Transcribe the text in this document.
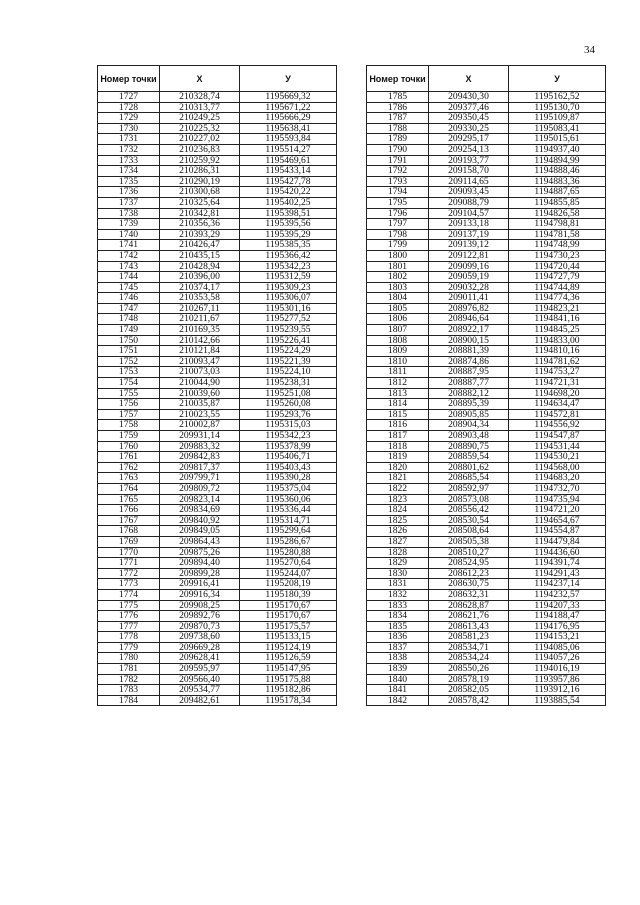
34
Номер точки	Х	У
1727	210328,74	1195669,32
1728	210313,77	1195671,22
1729	210249,25	1195666,29
1730	210225,32	1195638,41
1731	210227,02	1195593,84
1732	210236,83	1195514,27
1733	210259,92	1195469,61
1734	210286,31	1195433,14
1735	210290,19	1195427,78
1736	210300,68	1195420,22
1737	210325,64	1195402,25
1738	210342,81	1195398,51
1739	210356,36	1195395,56
1740	210393,29	1195395,29
1741	210426,47	1195385,35
1742	210435,15	1195366,42
1743	210428,94	1195342,23
1744	210396,00	1195312,59
1745	210374,17	1195309,23
1746	210353,58	1195306,07
1747	210267,11	1195301,16
1748	210211,67	1195277,52
1749	210169,35	1195239,55
1750	210142,66	1195226,41
1751	210121,84	1195224,29
1752	210093,47	1195221,39
1753	210073,03	1195224,10
1754	210044,90	1195238,31
1755	210039,60	1195251,08
1756	210035,87	1195260,08
1757	210023,55	1195293,76
1758	210002,87	1195315,03
1759	209931,14	1195342,23
1760	209883,32	1195378,99
1761	209842,83	1195406,71
1762	209817,37	1195403,43
1763	209799,71	1195390,28
1764	209809,72	1195375,04
1765	209823,14	1195360,06
1766	209834,69	1195336,44
1767	209840,92	1195314,71
1768	209849,05	1195299,64
1769	209864,43	1195286,67
1770	209875,26	1195280,88
1771	209894,40	1195270,64
1772	209899,28	1195244,07
1773	209916,41	1195208,19
1774	209916,34	1195180,39
1775	209908,25	1195170,67
1776	209892,76	1195170,67
1777	209870,73	1195175,57
1778	209738,60	1195133,15
1779	209669,28	1195124,19
1780	209628,41	1195126,59
1781	209595,97	1195147,95
1782	209566,40	1195175,88
1783	209534,77	1195182,86
1784	209482,61	1195178,34
Номер точки	Х	У
1785	209430,30	1195162,52
1786	209377,46	1195130,70
1787	209350,45	1195109,87
1788	209330,25	1195083,41
1789	209295,17	1195015,61
1790	209254,13	1194937,40
1791	209193,77	1194894,99
1792	209158,70	1194888,46
1793	209114,65	1194883,36
1794	209093,45	1194887,65
1795	209088,79	1194855,85
1796	209104,57	1194826,58
1797	209133,18	1194798,81
1798	209137,19	1194781,58
1799	209139,12	1194748,99
1800	209122,81	1194730,23
1801	209099,16	1194720,44
1802	209059,19	1194727,79
1803	209032,28	1194744,89
1804	209011,41	1194774,36
1805	208976,82	1194823,21
1806	208946,64	1194841,16
1807	208922,17	1194845,25
1808	208900,15	1194833,00
1809	208881,39	1194810,16
1810	208874,86	1194781,62
1811	208887,95	1194753,27
1812	208887,77	1194721,31
1813	208882,12	1194698,20
1814	208895,39	1194634,47
1815	208905,85	1194572,81
1816	208904,34	1194556,92
1817	208903,48	1194547,87
1818	208890,75	1194531,44
1819	208859,54	1194530,21
1820	208801,62	1194568,00
1821	208685,54	1194683,20
1822	208592,97	1194732,70
1823	208573,08	1194735,94
1824	208556,42	1194721,20
1825	208530,54	1194654,67
1826	208508,64	1194554,87
1827	208505,38	1194479,84
1828	208510,27	1194436,60
1829	208524,95	1194391,74
1830	208612,23	1194291,43
1831	208630,75	1194237,14
1832	208632,31	1194232,57
1833	208628,87	1194207,33
1834	208621,76	1194188,47
1835	208613,43	1194176,95
1836	208581,23	1194153,21
1837	208534,71	1194085,06
1838	208534,24	1194057,26
1839	208550,26	1194016,19
1840	208578,19	1193957,86
1841	208582,05	1193912,16
1842	208578,42	1193885,54
